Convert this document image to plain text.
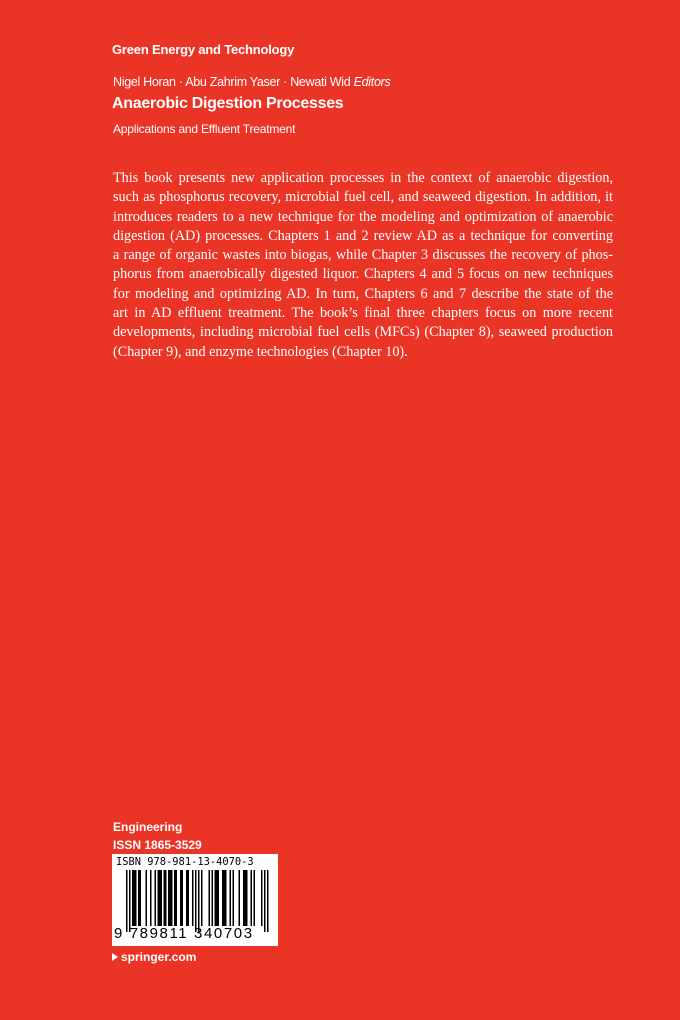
Green Energy and Technology
Nigel Horan · Abu Zahrim Yaser · Newati Wid Editors
Anaerobic Digestion Processes
Applications and Effluent Treatment

This book presents new application processes in the context of anaerobic digestion,

such as phosphorus recovery, microbial fuel cell, and seaweed digestion. In addition, it

introduces readers to a new technique for the modeling and optimization of anaerobic

digestion (AD) processes. Chapters 1 and 2 review AD as a technique for converting

a range of organic wastes into biogas, while Chapter 3 discusses the recovery of phos-

phorus from anaerobically digested liquor. Chapters 4 and 5 focus on new techniques

for modeling and optimizing AD. In turn, Chapters 6 and 7 describe the state of the

art in AD effluent treatment. The book’s final three chapters focus on more recent

developments, including microbial fuel cells (MFCs) (Chapter 8), seaweed production

(Chapter 9), and enzyme technologies (Chapter 10).

Engineering
ISSN 1865-3529
ISBN 978-981-13-4070-3
9 789811 340703
springer.com
